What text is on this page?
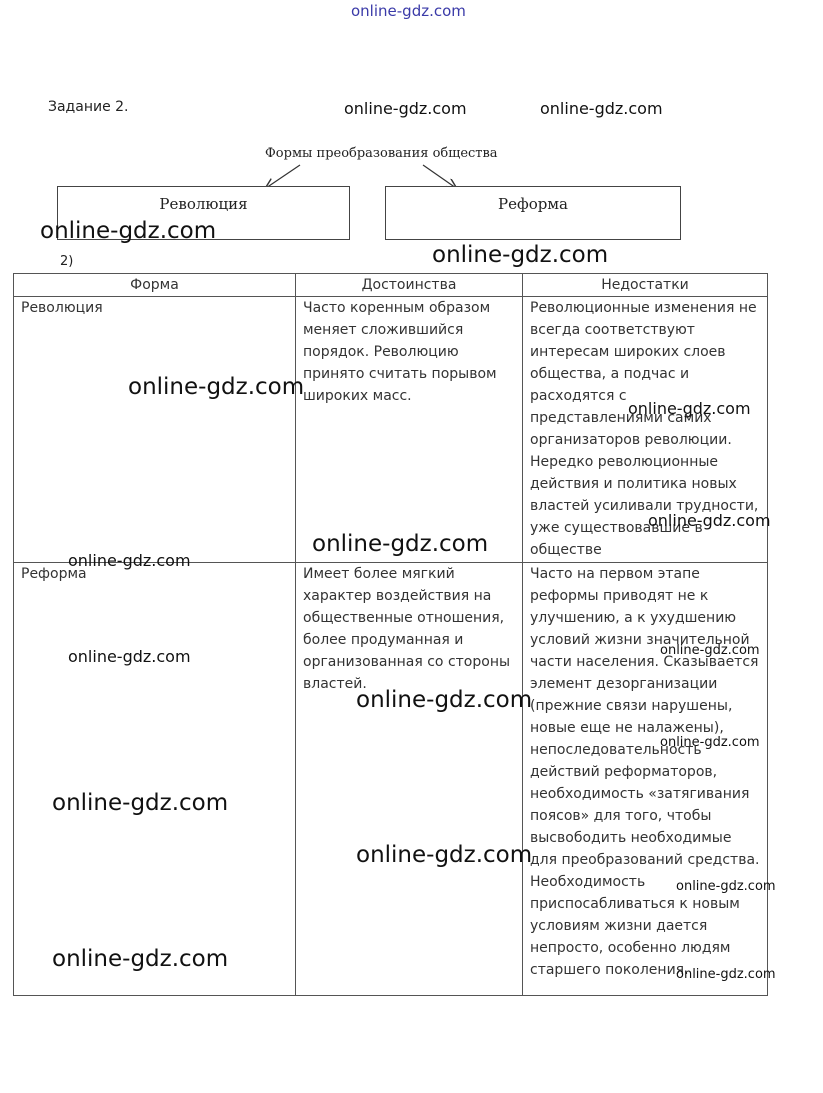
online-gdz.com
Задание 2.	online-gdz.com	online-gdz.com
Формы преобразования общества
Революция	Реформа
online-gdz.com
online-gdz.com
2)
Форма	Достоинства	Недостатки

Революция	Часто коренным образом меняет сложившийся порядок. Революцию принято считать порывом широких масс.	Революционные изменения не всегда соответствуют интересам широких слоев общества, а подчас и расходятся с представлениями самих организаторов революции. Нередко революционные действия и политика новых властей усиливали трудности, уже существовавшие в обществе

Реформа	Имеет более мягкий характер воздействия на общественные отношения, более продуманная и организованная со стороны властей.	Часто на первом этапе реформы приводят не к улучшению, а к ухудшению условий жизни значительной части населения. Сказывается элемент дезорганизации (прежние связи нарушены, новые еще не налажены), непоследовательность действий реформаторов, необходимость «затягивания поясов» для того, чтобы высвободить необходимые для преобразований средства. Необходимость приспосабливаться к новым условиям жизни дается непросто, особенно людям старшего поколения.
online-gdz.com
online-gdz.com
online-gdz.com
online-gdz.com
online-gdz.com
online-gdz.com	online-gdz.com
online-gdz.com
online-gdz.com
online-gdz.com
online-gdz.com
online-gdz.com
online-gdz.com
online-gdz.com
